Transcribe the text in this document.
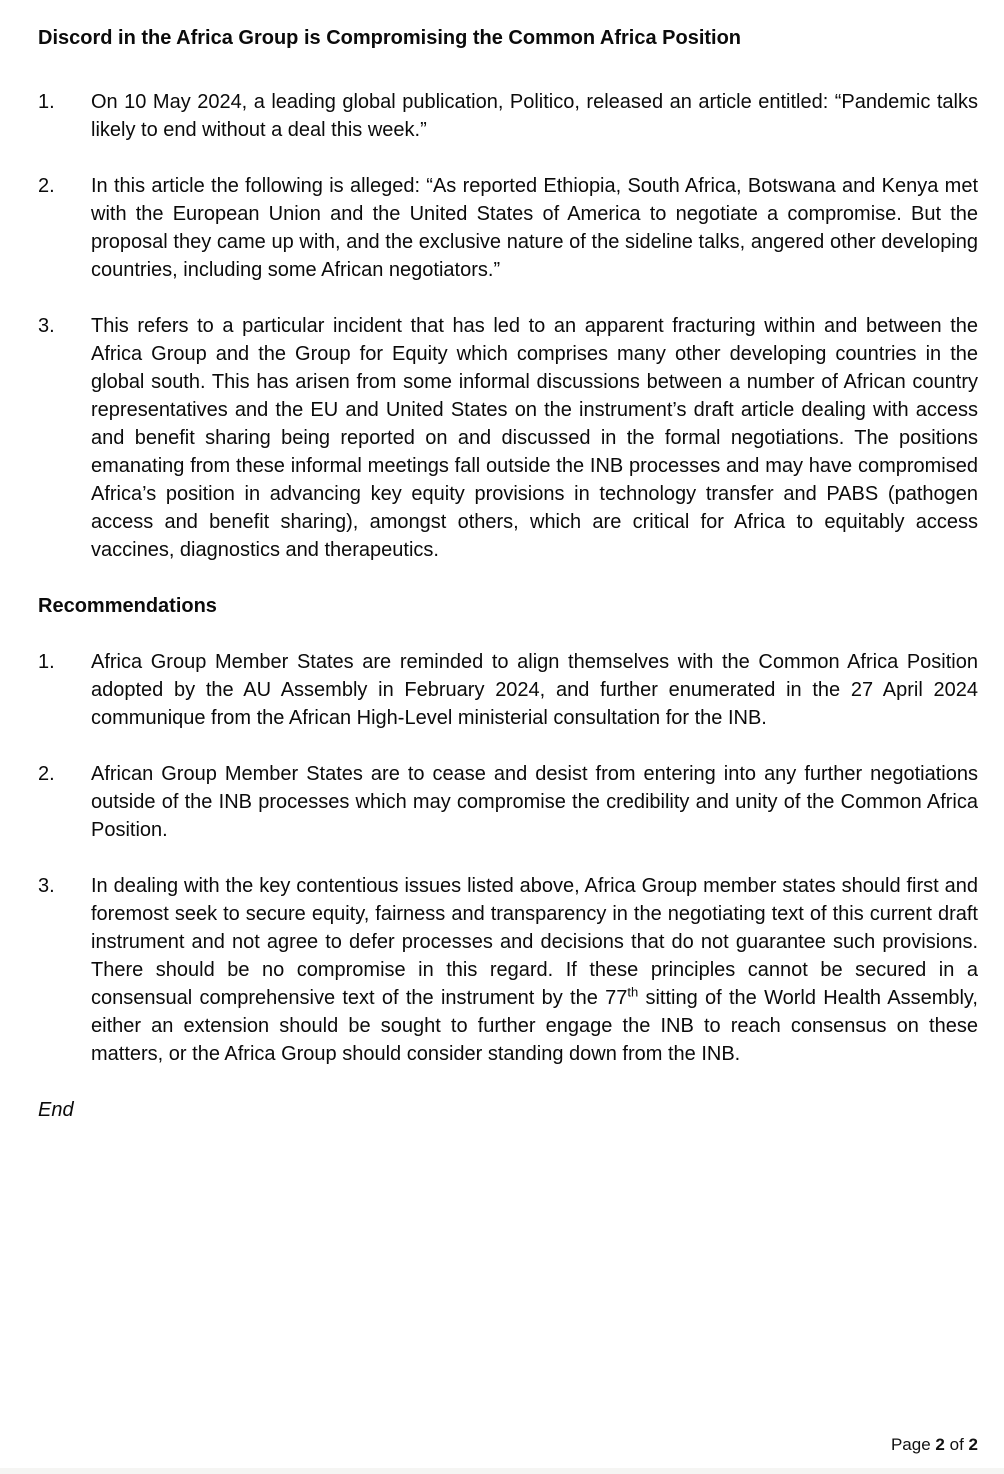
Discord in the Africa Group is Compromising the Common Africa Position
1.	On 10 May 2024, a leading global publication, Politico, released an article entitled: “Pandemic talks likely to end without a deal this week.”
2.	In this article the following is alleged: “As reported Ethiopia, South Africa, Botswana and Kenya met with the European Union and the United States of America to negotiate a compromise. But the proposal they came up with, and the exclusive nature of the sideline talks, angered other developing countries, including some African negotiators.”
3.	This refers to a particular incident that has led to an apparent fracturing within and between the Africa Group and the Group for Equity which comprises many other developing countries in the global south. This has arisen from some informal discussions between a number of African country representatives and the EU and United States on the instrument’s draft article dealing with access and benefit sharing being reported on and discussed in the formal negotiations. The positions emanating from these informal meetings fall outside the INB processes and may have compromised Africa’s position in advancing key equity provisions in technology transfer and PABS (pathogen access and benefit sharing), amongst others, which are critical for Africa to equitably access vaccines, diagnostics and therapeutics.
Recommendations
1.	Africa Group Member States are reminded to align themselves with the Common Africa Position adopted by the AU Assembly in February 2024, and further enumerated in the 27 April 2024 communique from the African High-Level ministerial consultation for the INB.
2.	African Group Member States are to cease and desist from entering into any further negotiations outside of the INB processes which may compromise the credibility and unity of the Common Africa Position.
3.	In dealing with the key contentious issues listed above, Africa Group member states should first and foremost seek to secure equity, fairness and transparency in the negotiating text of this current draft instrument and not agree to defer processes and decisions that do not guarantee such provisions. There should be no compromise in this regard. If these principles cannot be secured in a consensual comprehensive text of the instrument by the 77th sitting of the World Health Assembly, either an extension should be sought to further engage the INB to reach consensus on these matters, or the Africa Group should consider standing down from the INB.
End
Page 2 of 2
